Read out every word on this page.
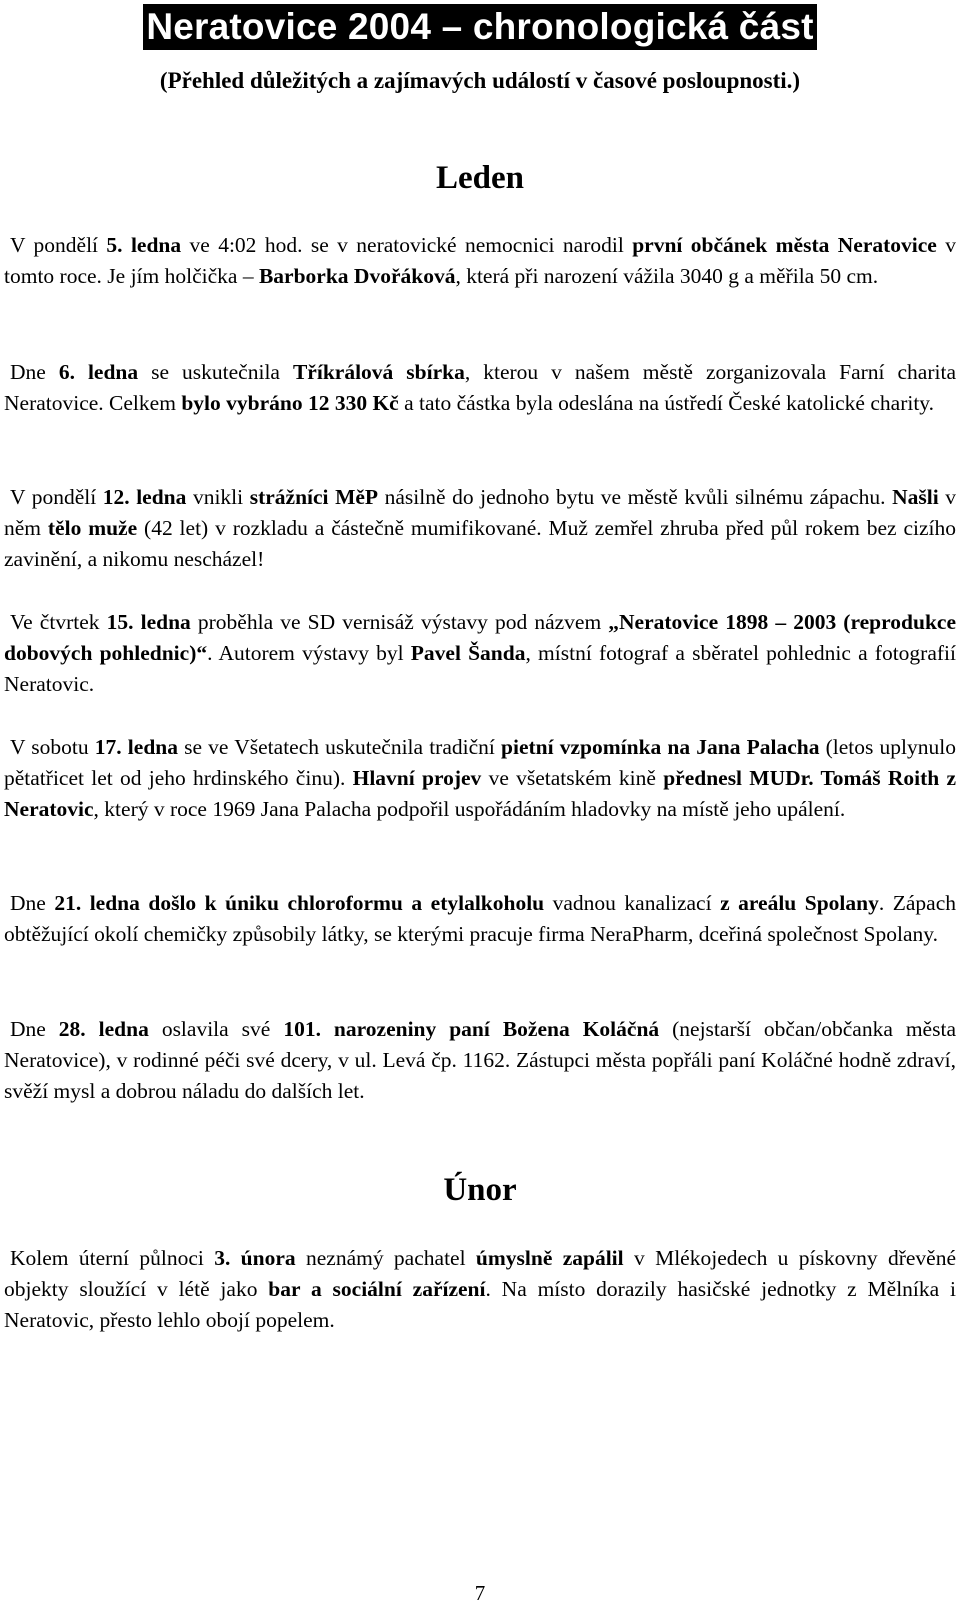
Neratovice 2004 – chronologická část
(Přehled důležitých a zajímavých událostí v časové posloupnosti.)
Leden
V pondělí 5. ledna ve 4:02 hod. se v neratovické nemocnici narodil první občánek města Neratovice v tomto roce. Je jím holčička – Barborka Dvořáková, která při narození vážila 3040 g a měřila 50 cm.
Dne 6. ledna se uskutečnila Tříkrálová sbírka, kterou v našem městě zorganizovala Farní charita Neratovice. Celkem bylo vybráno 12 330 Kč a tato částka byla odeslána na ústředí České katolické charity.
V pondělí 12. ledna vnikli strážníci MěP násilně do jednoho bytu ve městě kvůli silnému zápachu. Našli v něm tělo muže (42 let) v rozkladu a částečně mumifikované. Muž zemřel zhruba před půl rokem bez cizího zavinění, a nikomu nescházel!
Ve čtvrtek 15. ledna proběhla ve SD vernisáž výstavy pod názvem „Neratovice 1898 – 2003 (reprodukce dobových pohlednic)“. Autorem výstavy byl Pavel Šanda, místní fotograf a sběratel pohlednic a fotografií Neratovic.
V sobotu 17. ledna se ve Všetatech uskutečnila tradiční pietní vzpomínka na Jana Palacha (letos uplynulo pětatřicet let od jeho hrdinského činu). Hlavní projev ve všetatském kině přednesl MUDr. Tomáš Roith z Neratovic, který v roce 1969 Jana Palacha podpořil uspořádáním hladovky na místě jeho upálení.
Dne 21. ledna došlo k úniku chloroformu a etylalkoholu vadnou kanalizací z areálu Spolany. Zápach obtěžující okolí chemičky způsobily látky, se kterými pracuje firma NeraPharm, dceřiná společnost Spolany.
Dne 28. ledna oslavila své 101. narozeniny paní Božena Koláčná (nejstarší občan/občanka města Neratovice), v rodinné péči své dcery, v ul. Levá čp. 1162. Zástupci města popřáli paní Koláčné hodně zdraví, svěží mysl a dobrou náladu do dalších let.
Únor
Kolem úterní půlnoci 3. února neznámý pachatel úmyslně zapálil v Mlékojedech u pískovny dřevěné objekty sloužící v létě jako bar a sociální zařízení. Na místo dorazily hasičské jednotky z Mělníka i Neratovic, přesto lehlo obojí popelem.
7
